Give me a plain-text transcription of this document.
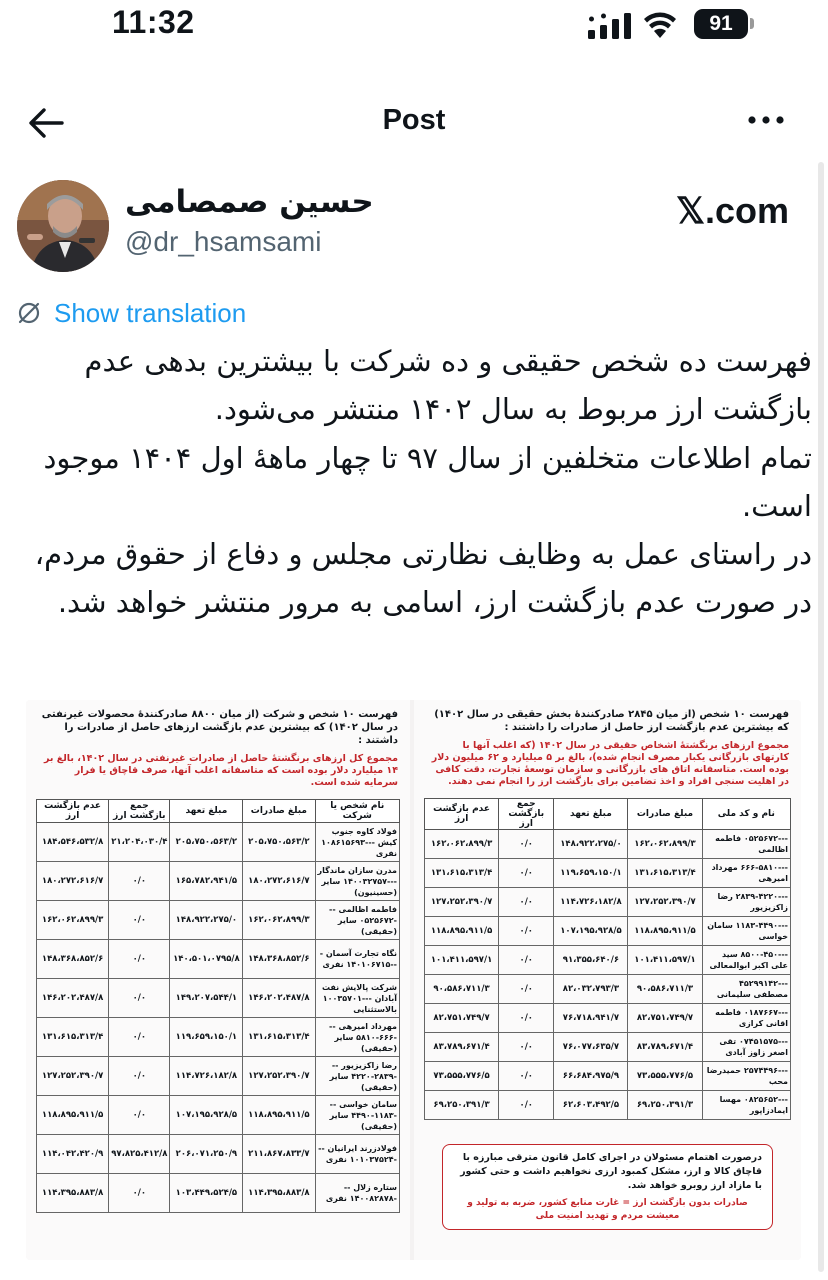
11:32	91
Post
حسین صمصامی
@dr_hsamsami
𝕏.com
Show translation

فهرست ده شخص حقیقی و ده شرکت با بیشترین بدهی عدم بازگشت ارز مربوط به سال ۱۴۰۲ منتشر می‌شود.

تمام اطلاعات متخلفین از سال ۹۷ تا چهار ماههٔ اول ۱۴۰۴ موجود است.

در راستای عمل به وظایف نظارتی مجلس و دفاع از حقوق مردم، در صورت عدم بازگشت ارز، اسامی به مرور منتشر خواهد شد.

فهرست ۱۰ شخص (از میان ۲۸۴۵ صادرکنندهٔ بخش حقیقی در سال ۱۴۰۲) که بیشترین عدم بازگشت ارز حاصل از صادرات را داشتند :
مجموع ارزهای برنگشتهٔ اشخاص حقیقی در سال ۱۴۰۲ (که اغلب آنها با کارتهای بازرگانی یکبار مصرف انجام شده)، بالغ بر ۵ میلیارد و ۶۲ میلیون دلار بوده است. متاسفانه اتاق های بازرگانی و سازمان توسعهٔ تجارت، دقت کافی در اهلیت سنجی افراد و اخذ تضامین برای بازگشت ارز را انجام نمی دهند.
نام و کد ملی	مبلغ صادرات	مبلغ تعهد	جمع بازگشت ارز	عدم بازگشت ارز
---۰۵۲۵۶۷۲ فاطمه اظالمی	۱۶۲،۰۶۲،۸۹۹/۳	۱۴۸،۹۲۲،۲۷۵/۰	۰/۰	۱۶۲،۰۶۲،۸۹۹/۳
---۶۶۶-۵۸۱۰ مهرداد امیرهی	۱۳۱،۶۱۵،۳۱۳/۴	۱۱۹،۶۵۹،۱۵۰/۱	۰/۰	۱۳۱،۶۱۵،۳۱۳/۴
---۲۸۳۹-۴۲۲۰ رضا زاکزیزیور	۱۲۷،۲۵۲،۳۹۰/۷	۱۱۴،۷۲۶،۱۸۲/۸	۰/۰	۱۲۷،۲۵۲،۳۹۰/۷
---۱۱۸۳-۴۴۹۰ سامان خواسی	۱۱۸،۸۹۵،۹۱۱/۵	۱۰۷،۱۹۵،۹۲۸/۵	۰/۰	۱۱۸،۸۹۵،۹۱۱/۵
---۸۵۰۰-۴۵۰ سید علی اکبر ابوالمعالی	۱۰۱،۴۱۱،۵۹۷/۱	۹۱،۳۵۵،۶۴۰/۶	۰/۰	۱۰۱،۴۱۱،۵۹۷/۱
---۴۵۲۹۹۱۴۲ مصطفی سلیمانی	۹۰،۵۸۶،۷۱۱/۳	۸۲،۰۳۲،۷۹۳/۳	۰/۰	۹۰،۵۸۶،۷۱۱/۳
---۰۱۸۷۶۶۷ فاطمه اقانی کرازی	۸۲،۷۵۱،۷۴۹/۷	۷۶،۷۱۸،۹۴۱/۷	۰/۰	۸۲،۷۵۱،۷۴۹/۷
---۰۷۴۵۱۵۷۵ تقی اصغر زاوز آبادی	۸۳،۷۸۹،۶۷۱/۴	۷۶،۰۷۷،۶۳۵/۷	۰/۰	۸۳،۷۸۹،۶۷۱/۴
---۲۵۷۴۴۹۶ حمیدرضا محب	۷۳،۵۵۵،۷۷۶/۵	۶۶،۶۸۴،۹۷۵/۹	۰/۰	۷۳،۵۵۵،۷۷۶/۵
---۰۸۲۵۶۵۲ مهسا ایمادزاپور	۶۹،۲۵۰،۳۹۱/۳	۶۲،۶۰۳،۴۹۲/۵	۰/۰	۶۹،۲۵۰،۳۹۱/۳
درصورت اهتمام مسئولان در اجرای کامل قانون مترقی مبارزه با قاچاق کالا و ارز، مشکل کمبود ارزی نخواهیم داشت و حتی کشور با مازاد ارز روبرو خواهد شد.
صادرات بدون بازگشت ارز = غارت منابع کشور، ضربه به تولید و معیشت مردم و تهدید امنیت ملی
فهرست ۱۰ شخص و شرکت (از میان ۸۸۰۰ صادرکنندهٔ محصولات غیرنفتی در سال ۱۴۰۲) که بیشترین عدم بازگشت ارزهای حاصل از صادرات را داشتند :
مجموع کل ارزهای برنگشتهٔ حاصل از صادرات غیرنفتی در سال ۱۴۰۲، بالغ بر ۱۴ میلیارد دلار بوده است که متاسفانه اغلب آنها، صرف قاچاق یا فرار سرمایه شده است.
نام شخص یا شرکت	مبلغ صادرات	مبلغ تعهد	جمع بازگشت ارز	عدم بازگشت ارز
فولاد کاوه جنوب کیش ---۱۰۸۶۱۵۶۹۳ نفری	۲۰۵،۷۵۰،۵۶۳/۲	۲۰۵،۷۵۰،۵۶۳/۲	۲۱،۲۰۴،۰۳۰/۴	۱۸۴،۵۴۶،۵۳۲/۸
مدرن سازان ماندگار ---۱۴۰۰۳۲۷۵۷ سایر (حسینیون)	۱۸۰،۲۷۲،۶۱۶/۷	۱۶۵،۷۸۲،۹۴۱/۵	۰/۰	۱۸۰،۲۷۲،۶۱۶/۷
فاطمه اظالمی ---۰۵۲۵۶۷۲ سایر (حقیقی)	۱۶۲،۰۶۲،۸۹۹/۳	۱۴۸،۹۲۲،۲۷۵/۰	۰/۰	۱۶۲،۰۶۲،۸۹۹/۳
نگاه تجارت آسمان ---۱۴۰۱۰۶۷۱۵ نفری	۱۴۸،۳۶۸،۸۵۲/۶	۱۴۰،۵۰۱،۰۷۹۵/۸	۰/۰	۱۴۸،۳۶۸،۸۵۲/۶
شرکت پالایش نفت آبادان ---۱۰۰۳۵۷۰۱ بالاستثنایی	۱۴۶،۲۰۲،۴۸۷/۸	۱۴۹،۲۰۷،۵۴۴/۱	۰/۰	۱۴۶،۲۰۲،۴۸۷/۸
مهرداد امیرهی ---۶۶۶-۵۸۱۰ سایر (حقیقی)	۱۳۱،۶۱۵،۳۱۳/۴	۱۱۹،۶۵۹،۱۵۰/۱	۰/۰	۱۳۱،۶۱۵،۳۱۳/۴
رضا زاکزیزیور ---۲۸۳۹-۴۲۲۰ سایر (حقیقی)	۱۲۷،۲۵۲،۳۹۰/۷	۱۱۴،۷۲۶،۱۸۲/۸	۰/۰	۱۲۷،۲۵۲،۳۹۰/۷
سامان خواسی ---۱۱۸۳-۴۴۹۰ سایر (حقیقی)	۱۱۸،۸۹۵،۹۱۱/۵	۱۰۷،۱۹۵،۹۲۸/۵	۰/۰	۱۱۸،۸۹۵،۹۱۱/۵
فولادزرند ایرانیان ---۱۰۱۰۳۷۵۲۴ نفری	۲۱۱،۸۶۷،۸۳۳/۷	۲۰۶،۰۷۱،۲۵۰/۹	۹۷،۸۲۵،۴۱۲/۸	۱۱۴،۰۴۲،۴۲۰/۹
ستاره زلال ---۱۴۰۰۸۲۸۷۸ نفری	۱۱۴،۳۹۵،۸۸۳/۸	۱۰۳،۴۴۹،۵۲۴/۵	۰/۰	۱۱۴،۳۹۵،۸۸۳/۸
